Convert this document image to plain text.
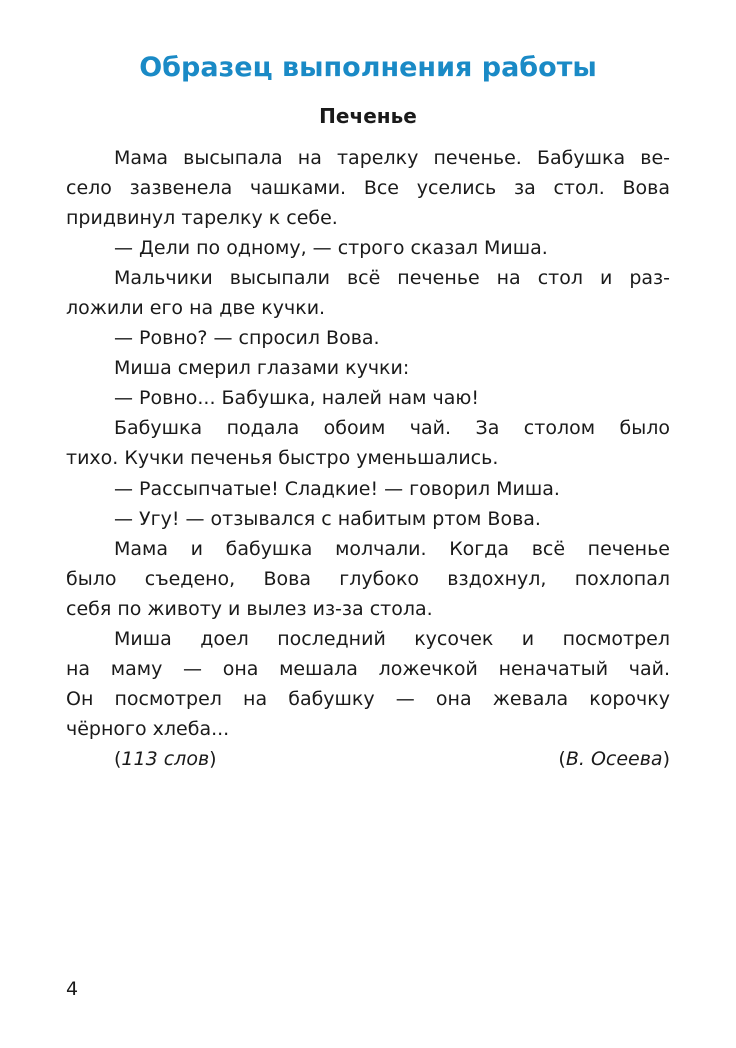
Образец выполнения работы
Печенье
Мама высыпала на тарелку печенье. Бабушка ве-
село зазвенела чашками. Все уселись за стол. Вова
придвинул тарелку к себе.
— Дели по одному, — строго сказал Миша.
Мальчики высыпали всё печенье на стол и раз-
ложили его на две кучки.
— Ровно? — спросил Вова.
Миша смерил глазами кучки:
— Ровно... Бабушка, налей нам чаю!
Бабушка подала обоим чай. За столом было
тихо. Кучки печенья быстро уменьшались.
— Рассыпчатые! Сладкие! — говорил Миша.
— Угу! — отзывался с набитым ртом Вова.
Мама и бабушка молчали. Когда всё печенье
было съедено, Вова глубоко вздохнул, похлопал
себя по животу и вылез из-за стола.
Миша доел последний кусочек и посмотрел
на маму — она мешала ложечкой неначатый чай.
Он посмотрел на бабушку — она жевала корочку
чёрного хлеба...
(113 слов)	(В. Осеева)
4
